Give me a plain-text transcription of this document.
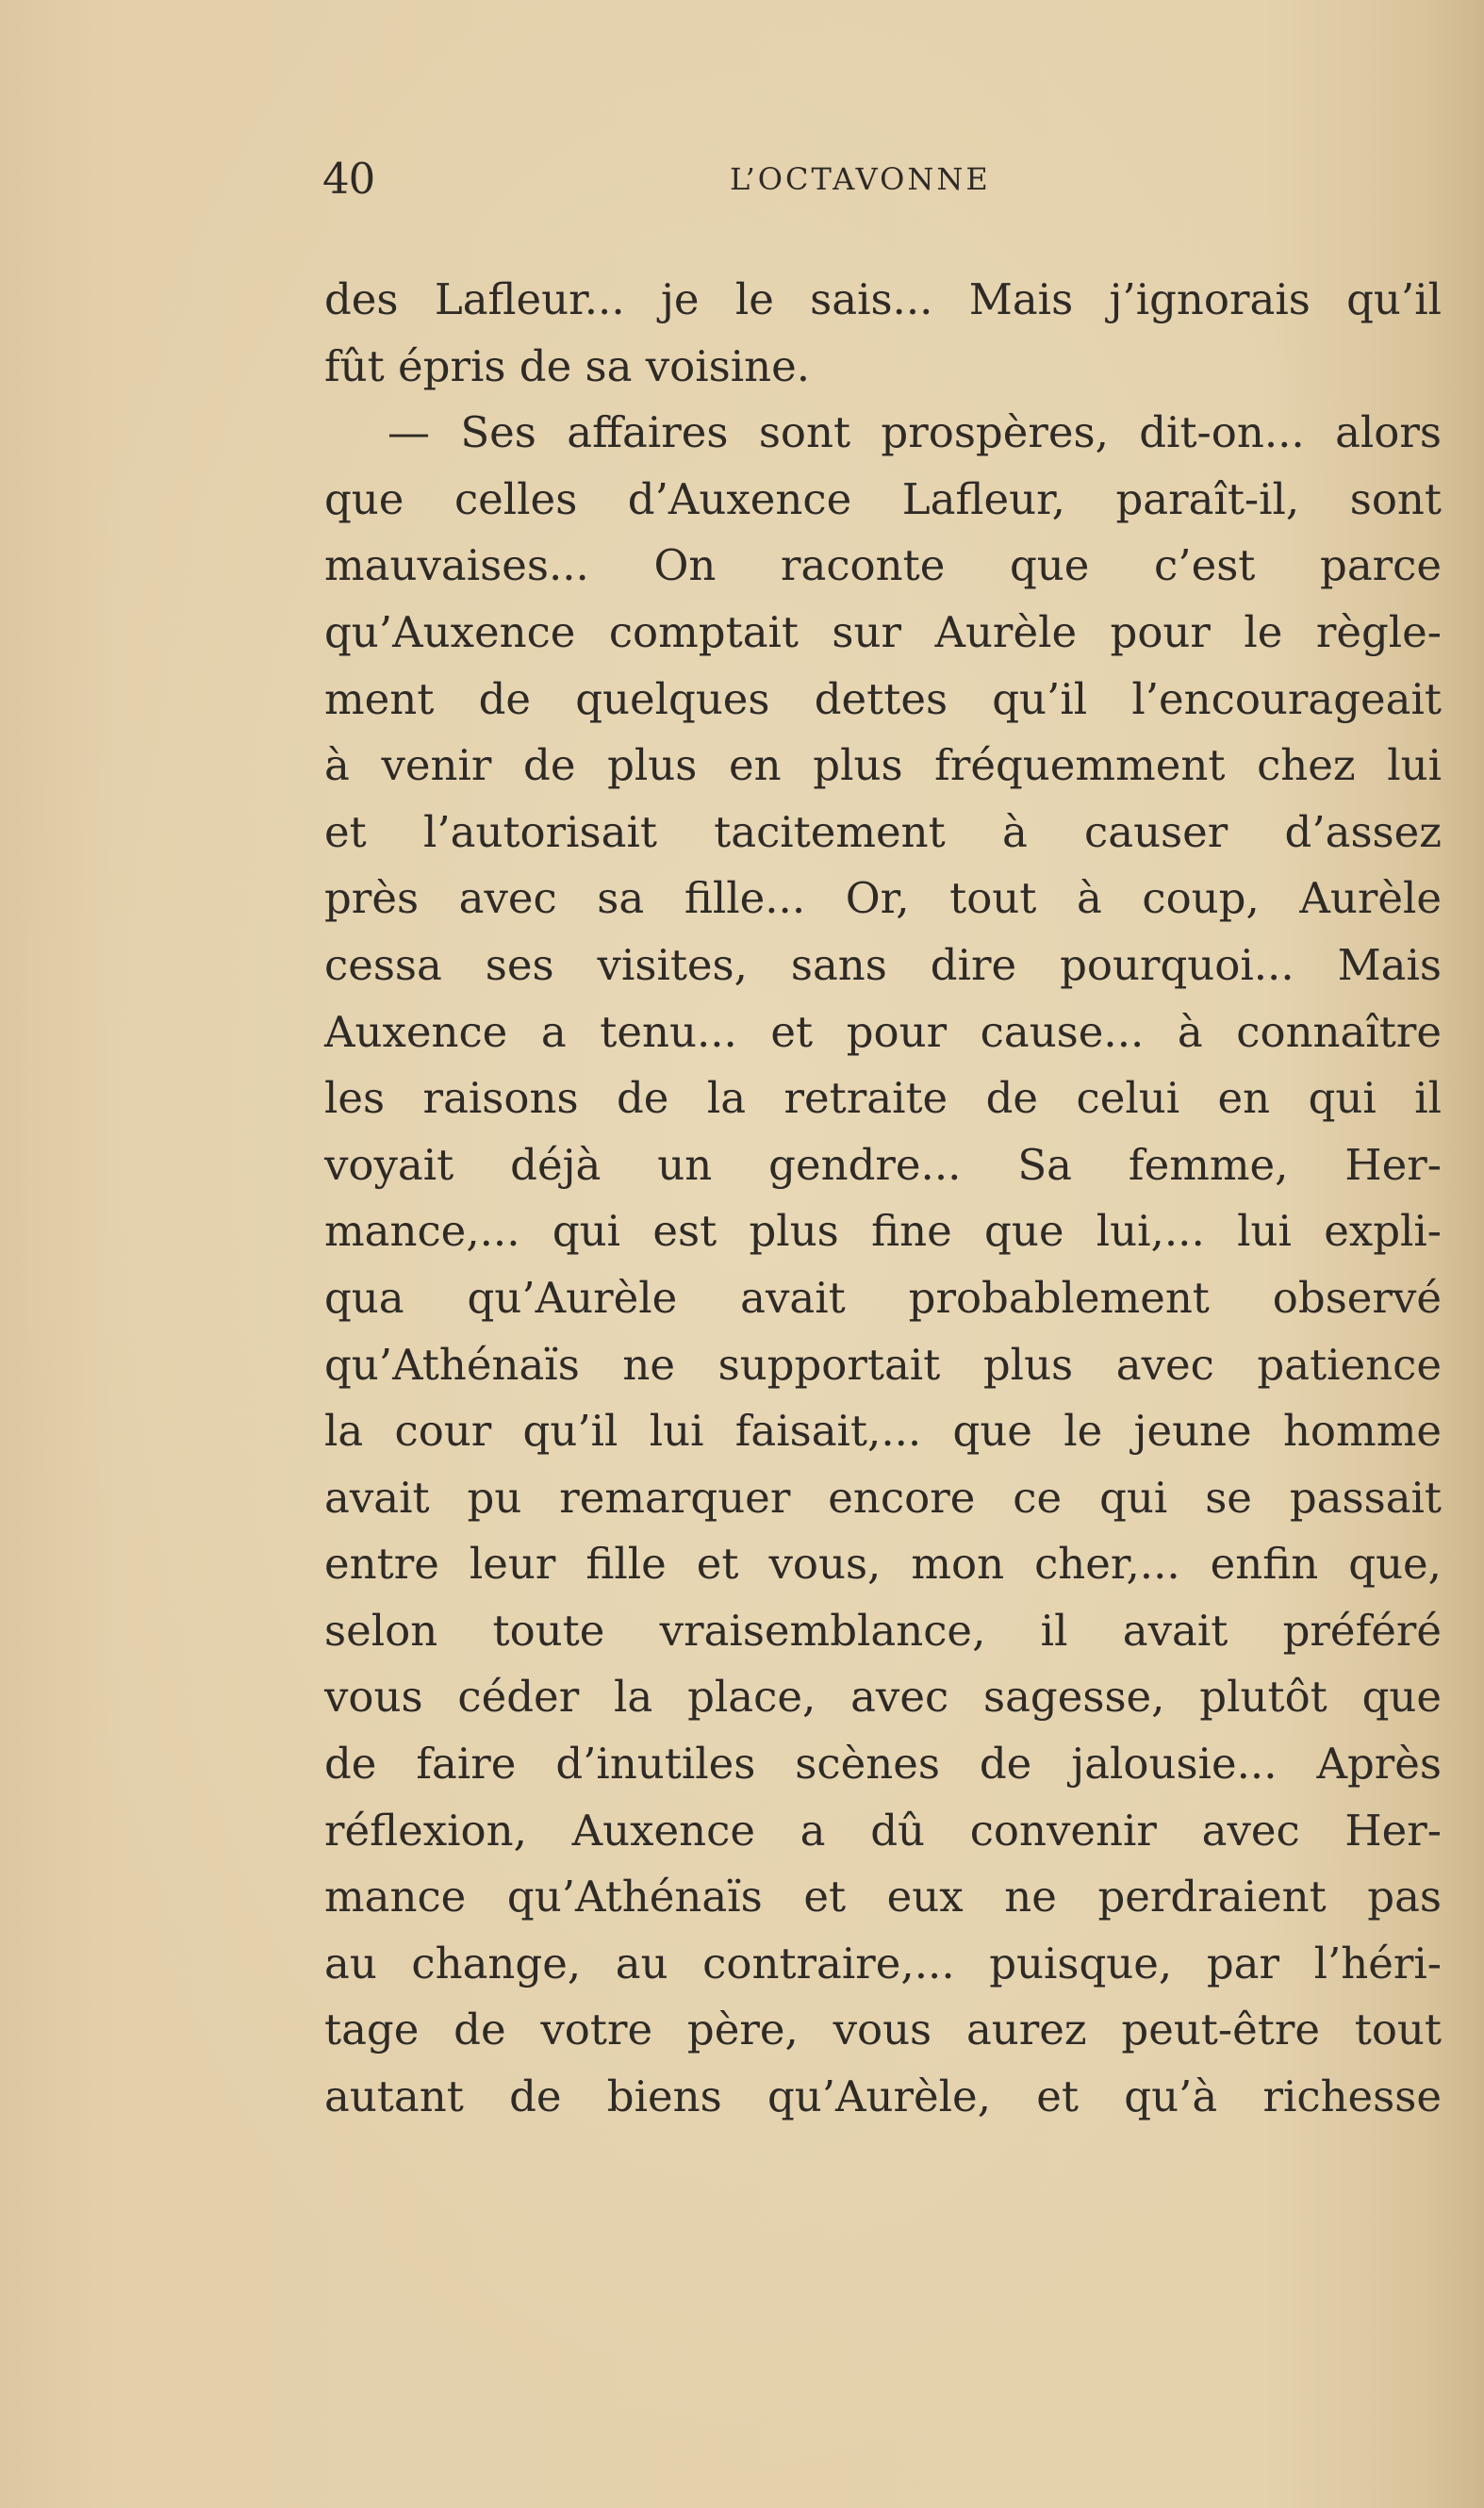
40	L’OCTAVONNE
des Lafleur... je le sais... Mais j’ignorais qu’il
fût épris de sa voisine.
— Ses affaires sont prospères, dit-on... alors
que celles d’Auxence Lafleur, paraît-il, sont
mauvaises... On raconte que c’est parce
qu’Auxence comptait sur Aurèle pour le règle-
ment de quelques dettes qu’il l’encourageait
à venir de plus en plus fréquemment chez lui
et l’autorisait tacitement à causer d’assez
près avec sa fille... Or, tout à coup, Aurèle
cessa ses visites, sans dire pourquoi... Mais
Auxence a tenu... et pour cause... à connaître
les raisons de la retraite de celui en qui il
voyait déjà un gendre... Sa femme, Her-
mance,... qui est plus fine que lui,... lui expli-
qua qu’Aurèle avait probablement observé
qu’Athénaïs ne supportait plus avec patience
la cour qu’il lui faisait,... que le jeune homme
avait pu remarquer encore ce qui se passait
entre leur fille et vous, mon cher,... enfin que,
selon toute vraisemblance, il avait préféré
vous céder la place, avec sagesse, plutôt que
de faire d’inutiles scènes de jalousie... Après
réflexion, Auxence a dû convenir avec Her-
mance qu’Athénaïs et eux ne perdraient pas
au change, au contraire,... puisque, par l’héri-
tage de votre père, vous aurez peut-être tout
autant de biens qu’Aurèle, et qu’à richesse
